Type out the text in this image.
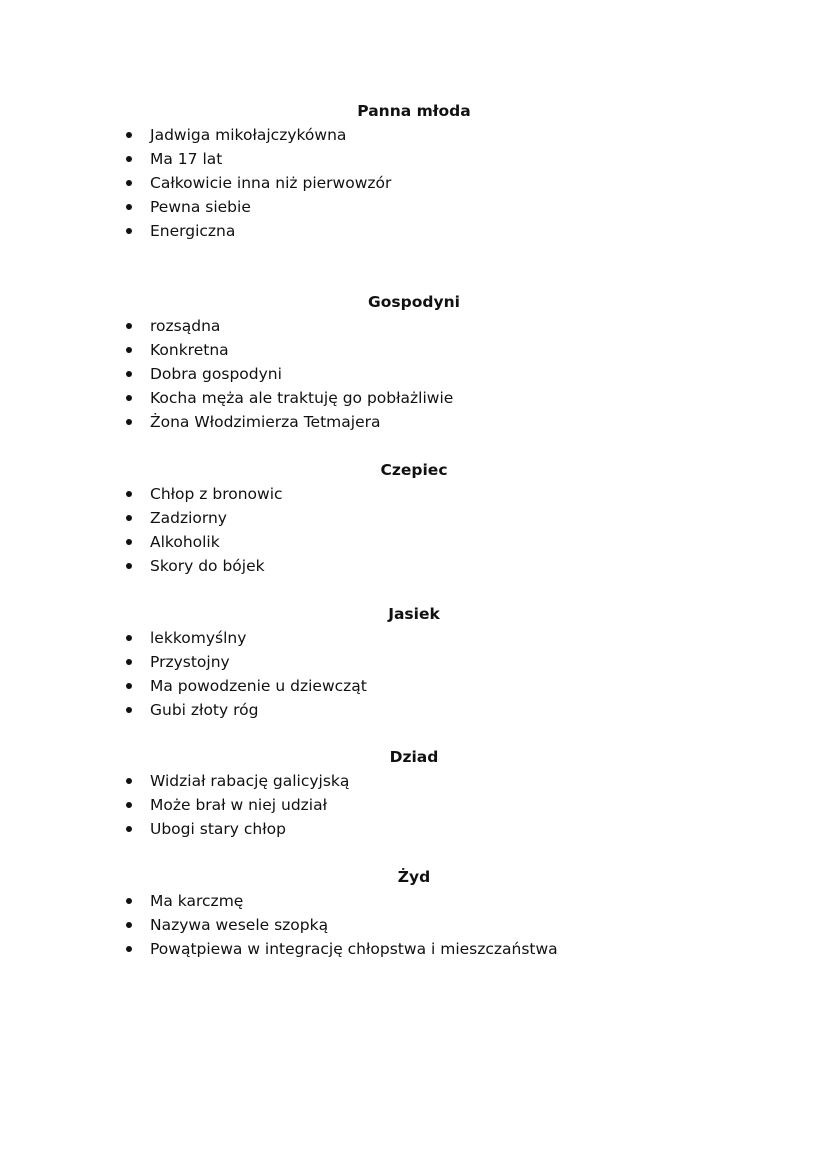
Panna młoda
Jadwiga mikołajczykówna
Ma 17 lat
Całkowicie inna niż pierwowzór
Pewna siebie
Energiczna
Gospodyni
rozsądna
Konkretna
Dobra gospodyni
Kocha męża ale traktuję go pobłażliwie
Żona Włodzimierza Tetmajera
Czepiec
Chłop z bronowic
Zadziorny
Alkoholik
Skory do bójek
Jasiek
lekkomyślny
Przystojny
Ma powodzenie u dziewcząt
Gubi złoty róg
Dziad
Widział rabację galicyjską
Może brał w niej udział
Ubogi stary chłop
Żyd
Ma karczmę
Nazywa wesele szopką
Powątpiewa w integrację chłopstwa i mieszczaństwa
